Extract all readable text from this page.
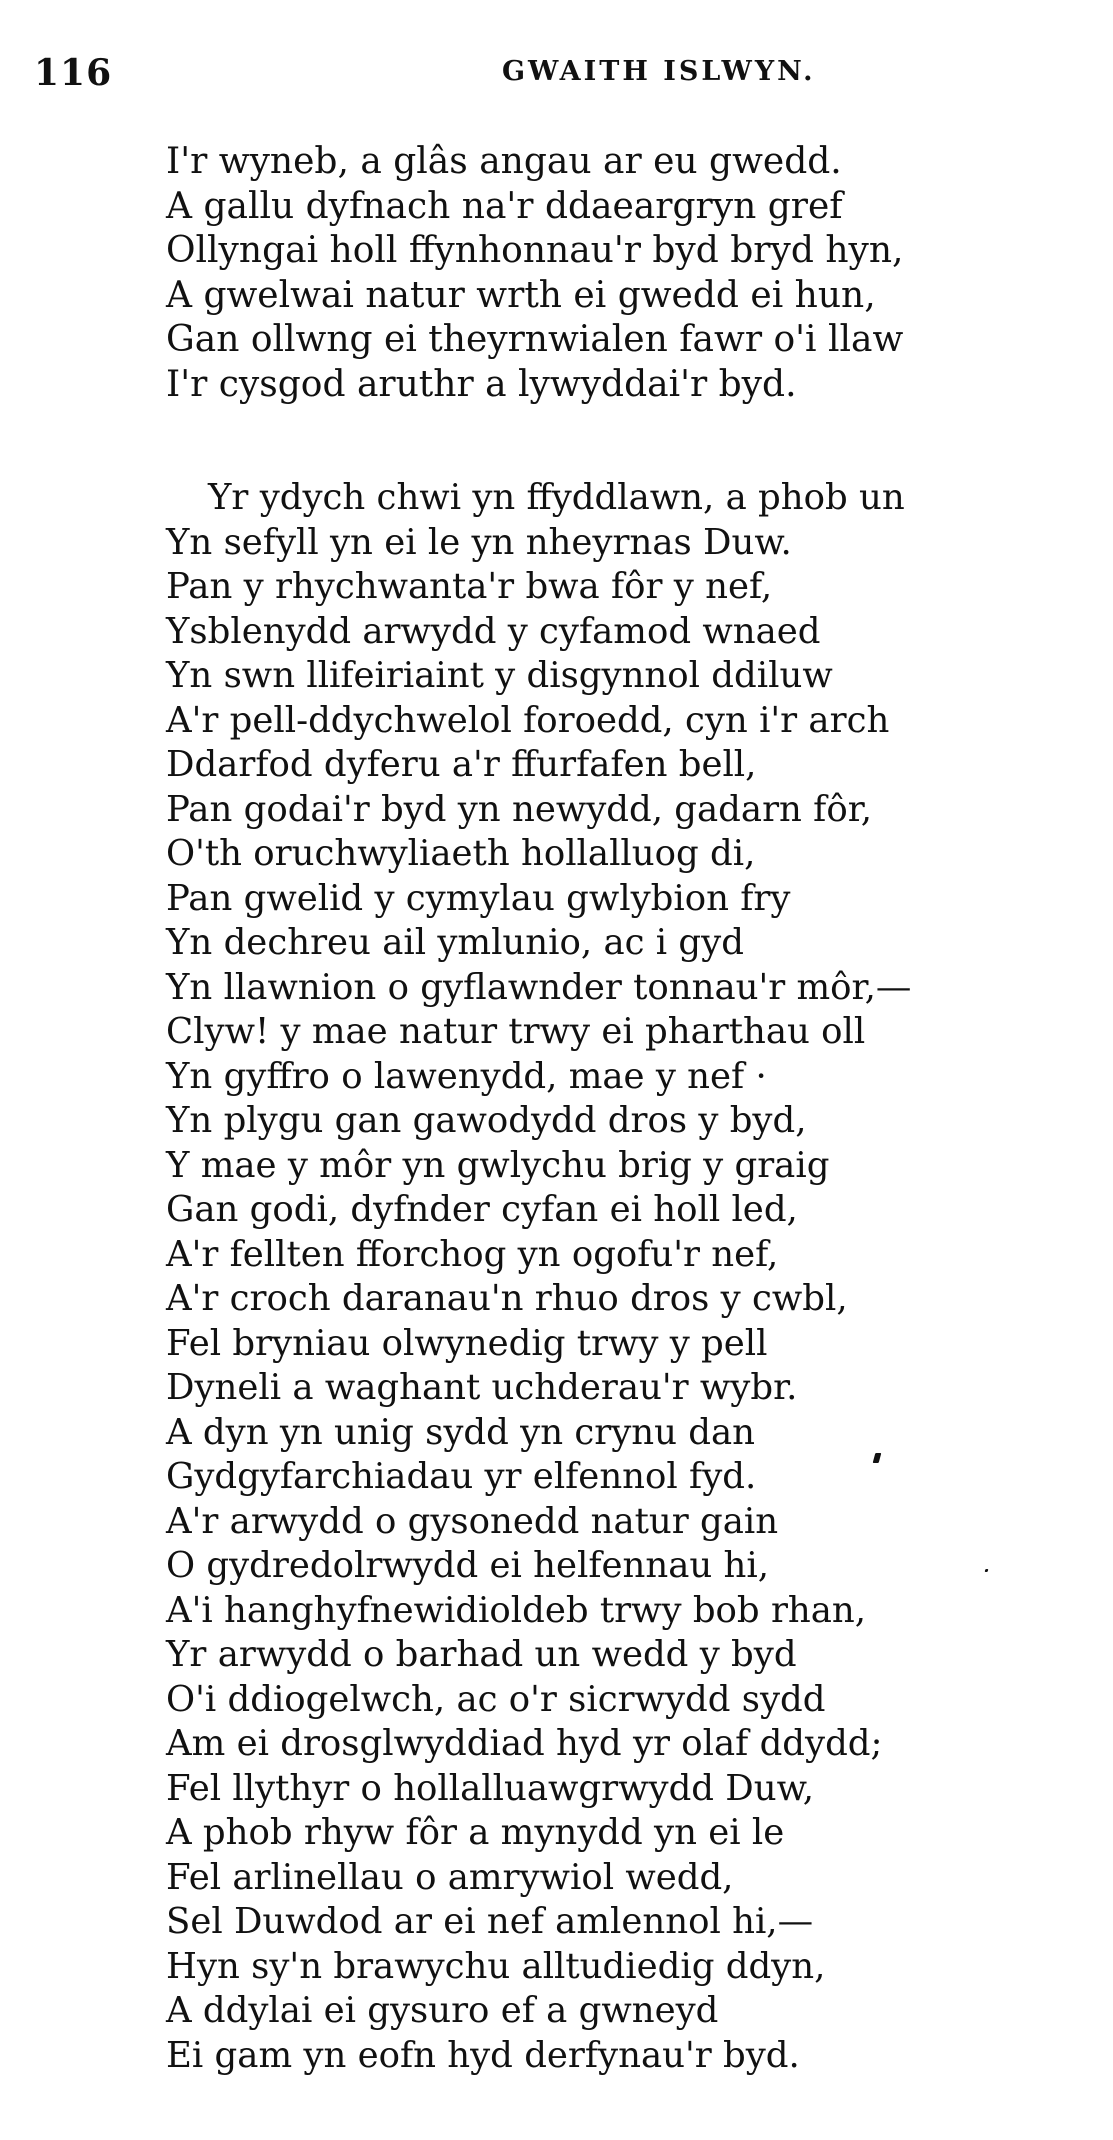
116	GWAITH ISLWYN.
I'r wyneb, a glâs angau ar eu gwedd.
A gallu dyfnach na'r ddaeargryn gref
Ollyngai holl ffynhonnau'r byd bryd hyn,
A gwelwai natur wrth ei gwedd ei hun,
Gan ollwng ei theyrnwialen fawr o'i llaw
I'r cysgod aruthr a lywyddai'r byd.
Yr ydych chwi yn ffyddlawn, a phob un
Yn sefyll yn ei le yn nheyrnas Duw.
Pan y rhychwanta'r bwa fôr y nef,
Ysblenydd arwydd y cyfamod wnaed
Yn swn llifeiriaint y disgynnol ddiluw
A'r pell-ddychwelol foroedd, cyn i'r arch
Ddarfod dyferu a'r ffurfafen bell,
Pan godai'r byd yn newydd, gadarn fôr,
O'th oruchwyliaeth hollalluog di,
Pan gwelid y cymylau gwlybion fry
Yn dechreu ail ymlunio, ac i gyd
Yn llawnion o gyflawnder tonnau'r môr,—
Clyw! y mae natur trwy ei pharthau oll
Yn gyffro o lawenydd, mae y nef ·
Yn plygu gan gawodydd dros y byd,
Y mae y môr yn gwlychu brig y graig
Gan godi, dyfnder cyfan ei holl led,
A'r fellten fforchog yn ogofu'r nef,
A'r croch daranau'n rhuo dros y cwbl,
Fel bryniau olwynedig trwy y pell
Dyneli a waghant uchderau'r wybr.
A dyn yn unig sydd yn crynu dan
Gydgyfarchiadau yr elfennol fyd.
A'r arwydd o gysonedd natur gain
O gydredolrwydd ei helfennau hi,
A'i hanghyfnewidioldeb trwy bob rhan,
Yr arwydd o barhad un wedd y byd
O'i ddiogelwch, ac o'r sicrwydd sydd
Am ei drosglwyddiad hyd yr olaf ddydd;
Fel llythyr o hollalluawgrwydd Duw,
A phob rhyw fôr a mynydd yn ei le
Fel arlinellau o amrywiol wedd,
Sel Duwdod ar ei nef amlennol hi,—
Hyn sy'n brawychu alltudiedig ddyn,
A ddylai ei gysuro ef a gwneyd
Ei gam yn eofn hyd derfynau'r byd.
